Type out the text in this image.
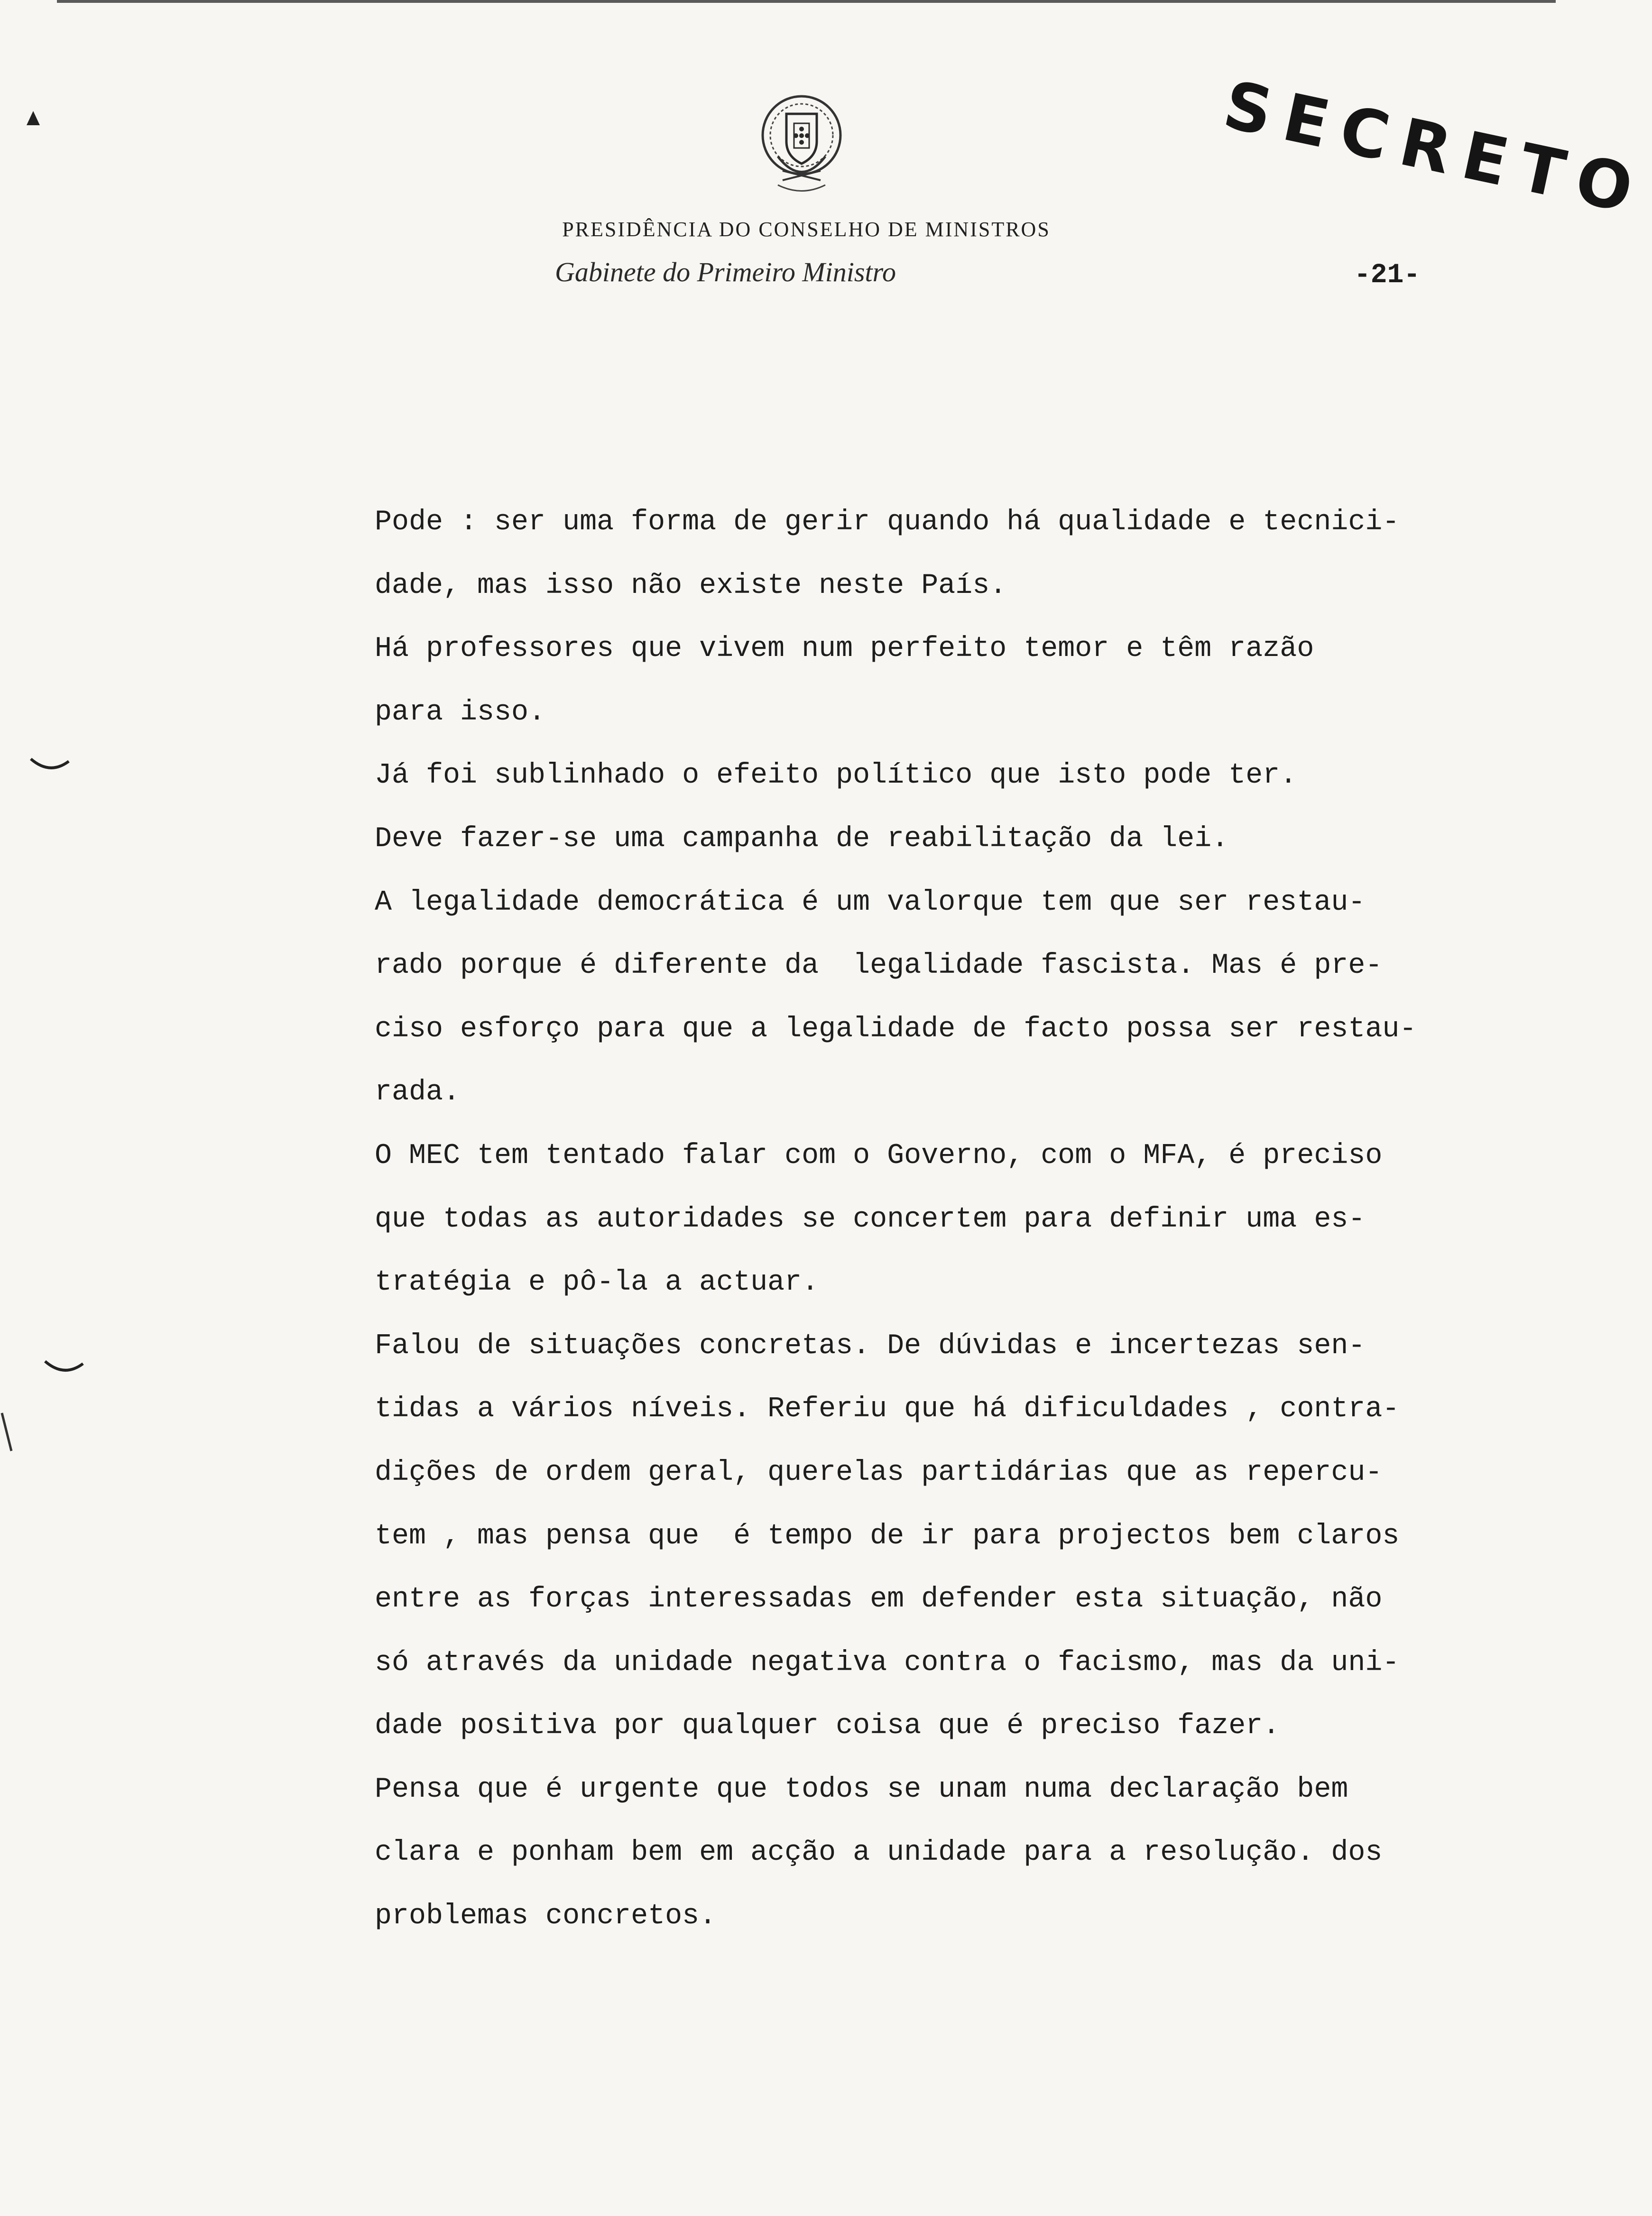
SECRETO
PRESIDÊNCIA DO CONSELHO DE MINISTROS
Gabinete do Primeiro Ministro	-21-
Pode : ser uma forma de gerir quando há qualidade e tecnici-
dade, mas isso não existe neste País.
Há professores que vivem num perfeito temor e têm razão
para isso.
Já foi sublinhado o efeito político que isto pode ter.
Deve fazer-se uma campanha de reabilitação da lei.
A legalidade democrática é um valorque tem que ser restau-
rado porque é diferente da  legalidade fascista. Mas é pre-
ciso esforço para que a legalidade de facto possa ser restau-
rada.
O MEC tem tentado falar com o Governo, com o MFA, é preciso
que todas as autoridades se concertem para definir uma es-
tratégia e pô-la a actuar.
Falou de situações concretas. De dúvidas e incertezas sen-
tidas a vários níveis. Referiu que há dificuldades , contra-
dições de ordem geral, querelas partidárias que as repercu-
tem , mas pensa que  é tempo de ir para projectos bem claros
entre as forças interessadas em defender esta situação, não
só através da unidade negativa contra o facismo, mas da uni-
dade positiva por qualquer coisa que é preciso fazer.
Pensa que é urgente que todos se unam numa declaração bem
clara e ponham bem em acção a unidade para a resolução. dos
problemas concretos.
